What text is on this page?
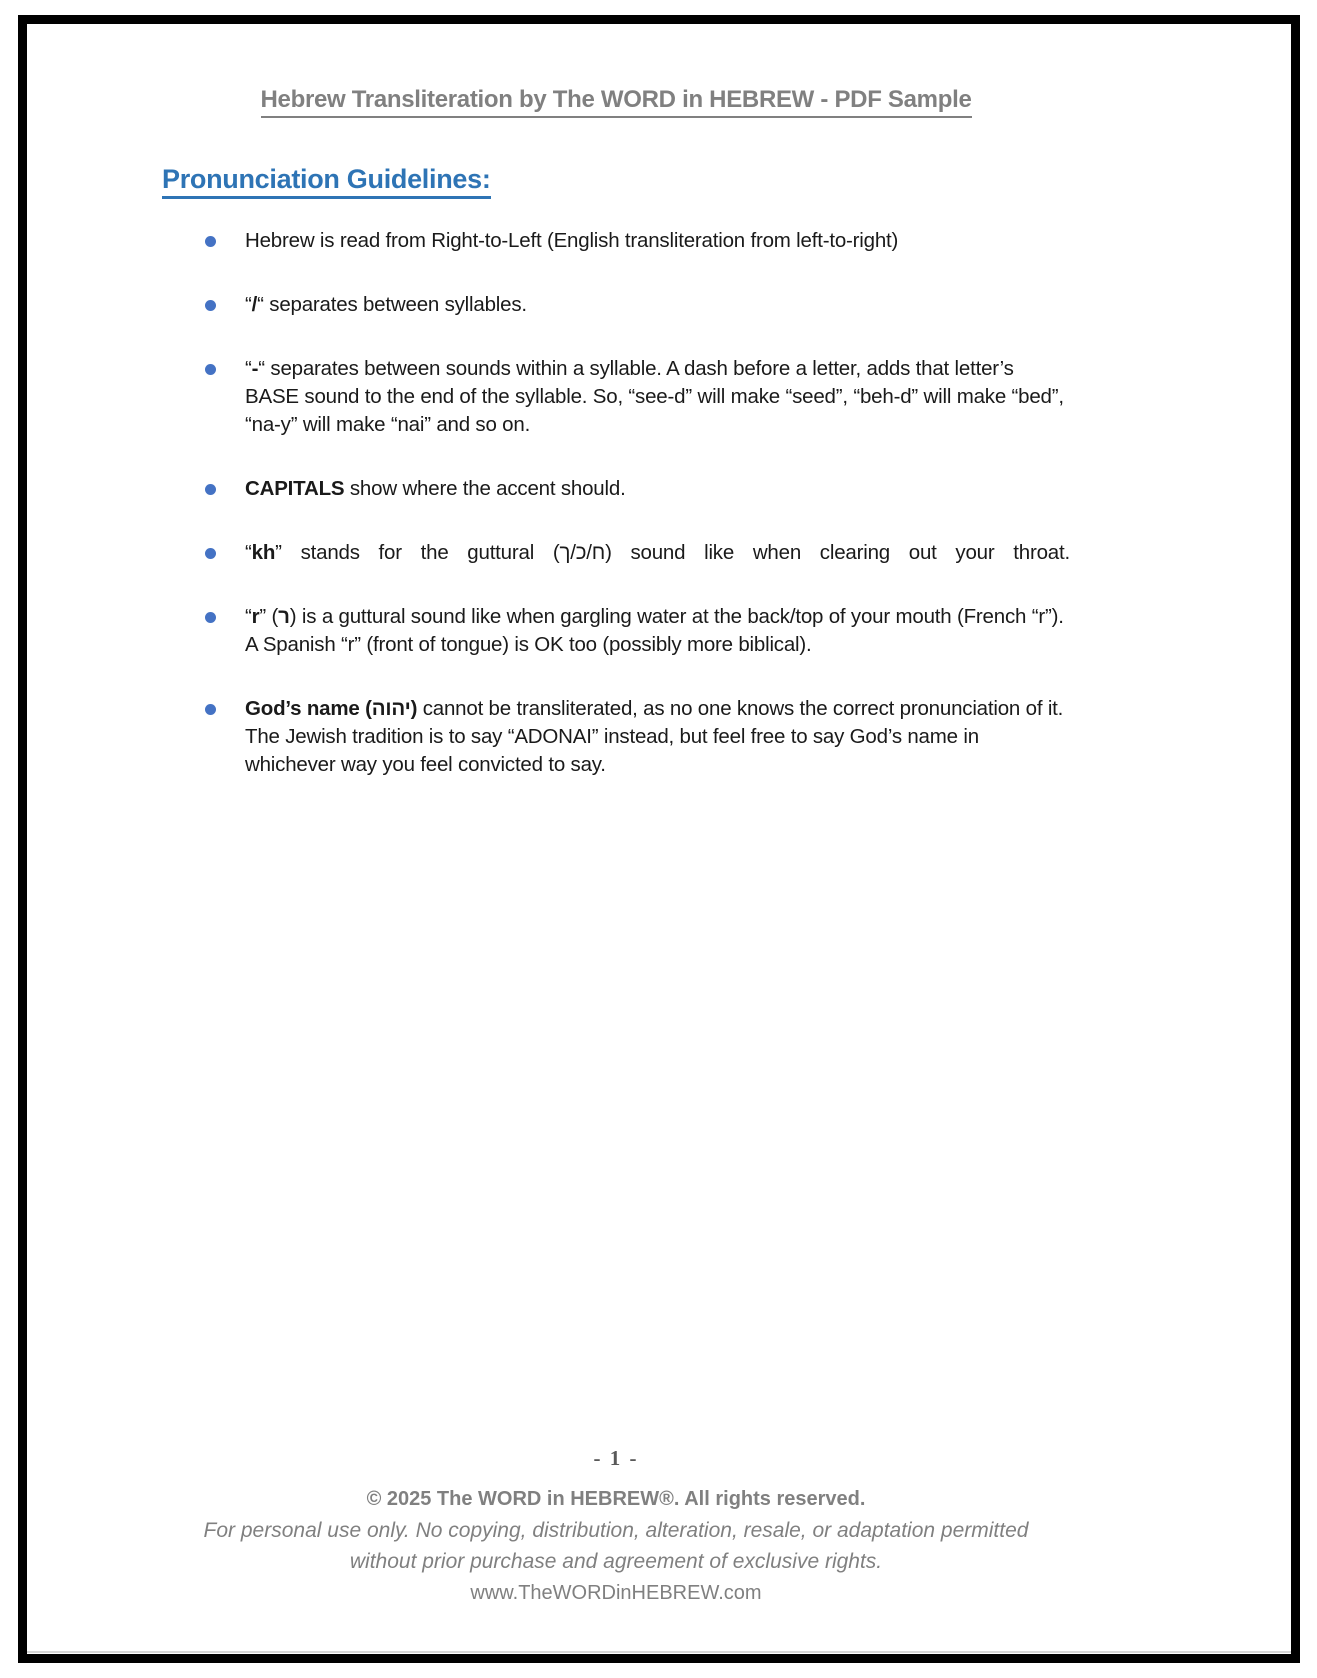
Hebrew Transliteration by The WORD in HEBREW - PDF Sample
Pronunciation Guidelines:
Hebrew is read from Right-to-Left (English transliteration from left-to-right)
“/“ separates between syllables.
“-“ separates between sounds within a syllable. A dash before a letter, adds that letter’s BASE sound to the end of the syllable. So, “see-d” will make “seed”, “beh-d” will make “bed”, “na-y” will make “nai” and so on.
CAPITALS show where the accent should.
“kh” stands for the guttural (ח/כ/ך) sound like when clearing out your throat.
“r” (ר) is a guttural sound like when gargling water at the back/top of your mouth (French “r”). A Spanish “r” (front of tongue) is OK too (possibly more biblical).
God’s name (יהוה) cannot be transliterated, as no one knows the correct pronunciation of it. The Jewish tradition is to say “ADONAI” instead, but feel free to say God’s name in whichever way you feel convicted to say.
- 1 -
© 2025 The WORD in HEBREW®. All rights reserved.
For personal use only. No copying, distribution, alteration, resale, or adaptation permitted
without prior purchase and agreement of exclusive rights.
www.TheWORDinHEBREW.com
